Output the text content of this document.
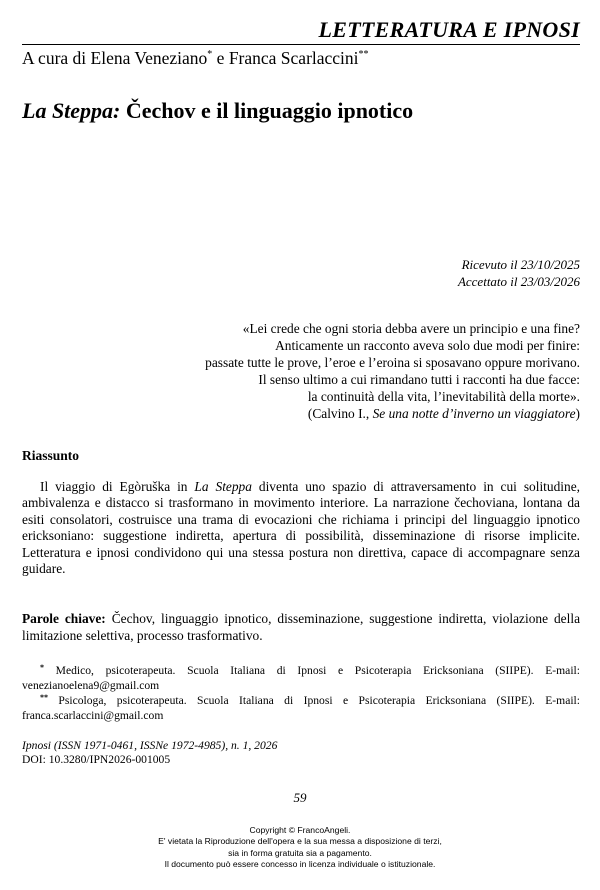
LETTERATURA E IPNOSI
A cura di Elena Veneziano* e Franca Scarlaccini**
La Steppa: Čechov e il linguaggio ipnotico
Ricevuto il 23/10/2025
Accettato il 23/03/2026
«Lei crede che ogni storia debba avere un principio e una fine?
Anticamente un racconto aveva solo due modi per finire:
passate tutte le prove, l’eroe e l’eroina si sposavano oppure morivano.
Il senso ultimo a cui rimandano tutti i racconti ha due facce:
la continuità della vita, l’inevitabilità della morte».
(Calvino I., Se una notte d’inverno un viaggiatore)
Riassunto

Il viaggio di Egòruška in La Steppa diventa uno spazio di attraversamento in cui solitudine, ambivalenza e distacco si trasformano in movimento interiore. La narrazione čechoviana, lontana da esiti consolatori, costruisce una trama di evocazioni che richiama i principi del linguaggio ipnotico ericksoniano: suggestione indiretta, apertura di possibilità, disseminazione di risorse implicite. Letteratura e ipnosi condividono qui una stessa postura non direttiva, capace di accompagnare senza guidare.

Parole chiave: Čechov, linguaggio ipnotico, disseminazione, suggestione indiretta, violazione della limitazione selettiva, processo trasformativo.

* Medico, psicoterapeuta. Scuola Italiana di Ipnosi e Psicoterapia Ericksoniana (SIIPE). E-mail: venezianoelena9@gmail.com

** Psicologa, psicoterapeuta. Scuola Italiana di Ipnosi e Psicoterapia Ericksoniana (SIIPE). E-mail: franca.scarlaccini@gmail.com

Ipnosi (ISSN 1971-0461, ISSNe 1972-4985), n. 1, 2026
DOI: 10.3280/IPN2026-001005
59
Copyright © FrancoAngeli.
E' vietata la Riproduzione dell'opera e la sua messa a disposizione di terzi,
sia in forma gratuita sia a pagamento.
Il documento può essere concesso in licenza individuale o istituzionale.
